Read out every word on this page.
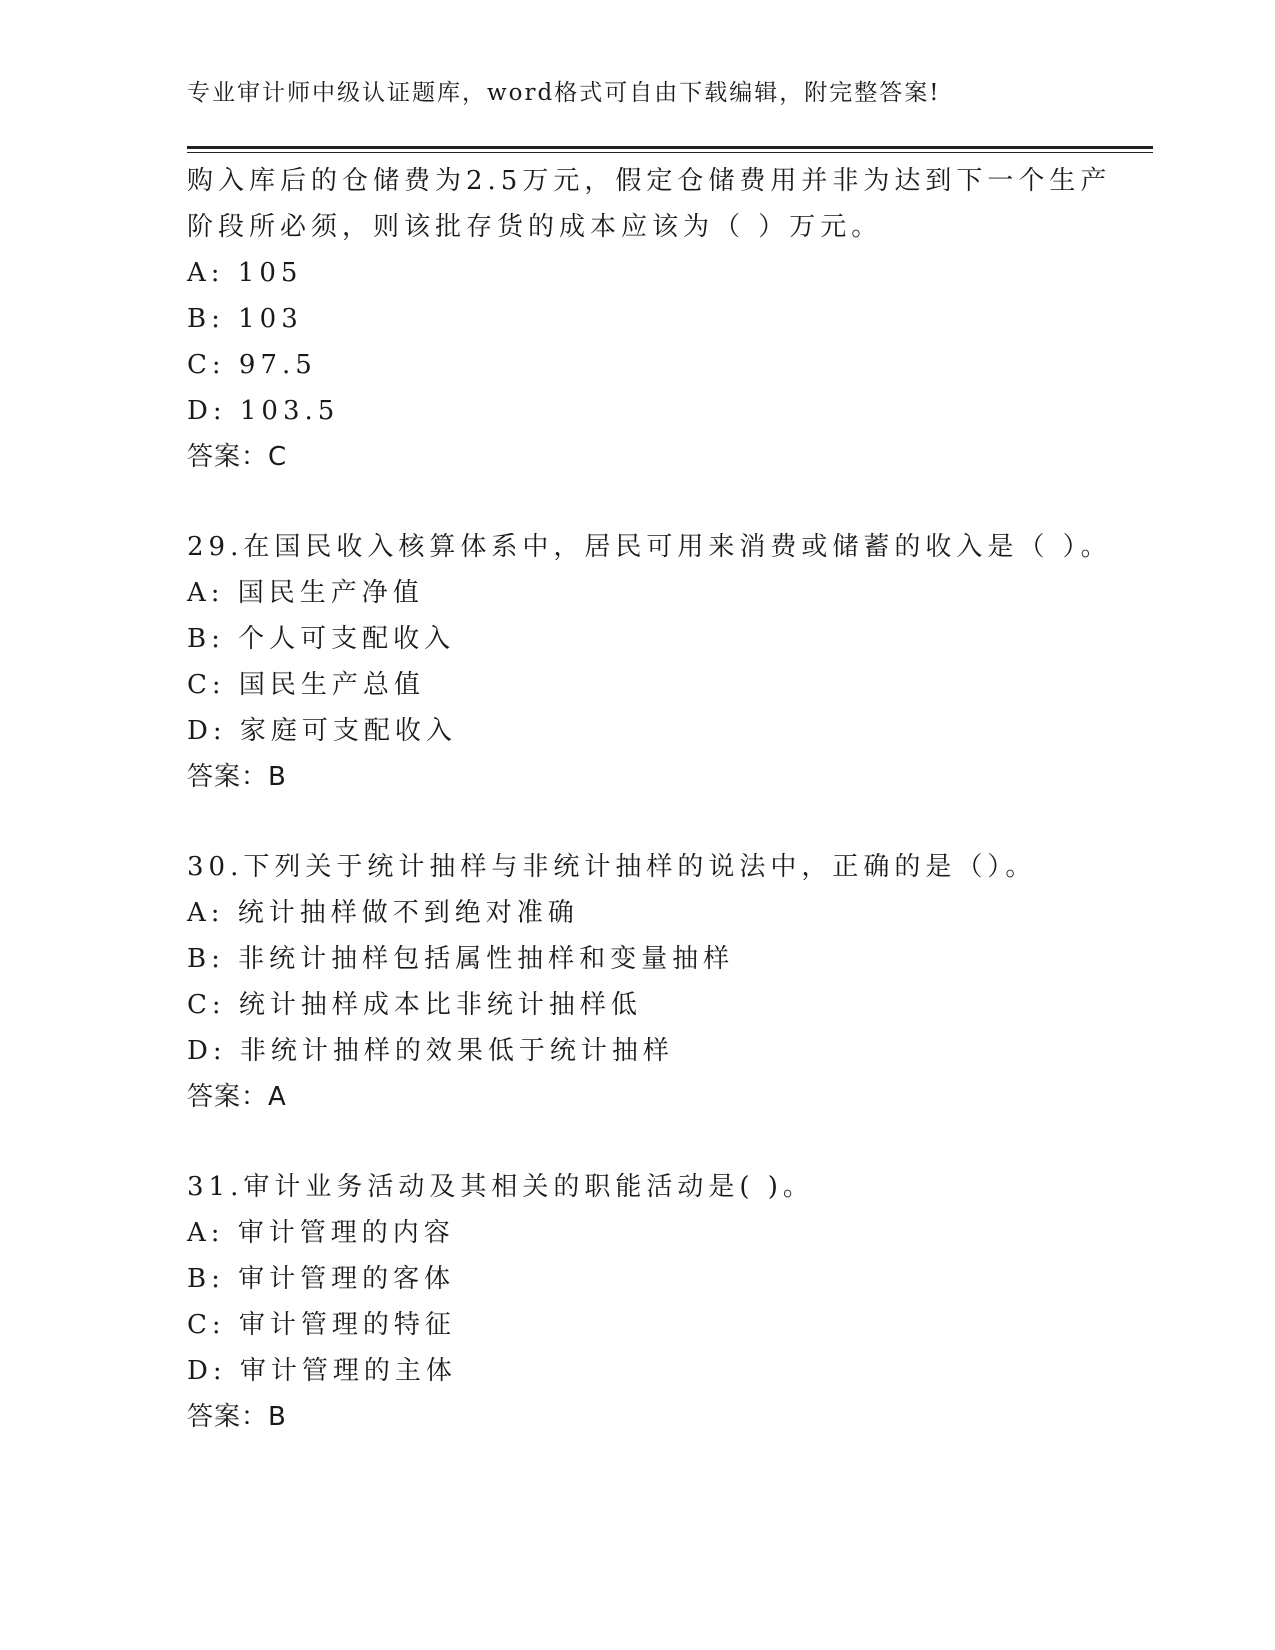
专业审计师中级认证题库，word格式可自由下载编辑，附完整答案!
购入库后的仓储费为2.5万元，假定仓储费用并非为达到下一个生产
阶段所必须，则该批存货的成本应该为（ ）万元。
A: 105
B: 103
C: 97.5
D: 103.5
答案：C
29.在国民收入核算体系中，居民可用来消费或储蓄的收入是（ ）。
A: 国民生产净值
B: 个人可支配收入
C: 国民生产总值
D: 家庭可支配收入
答案：B
30.下列关于统计抽样与非统计抽样的说法中，正确的是（）。
A: 统计抽样做不到绝对准确
B: 非统计抽样包括属性抽样和变量抽样
C: 统计抽样成本比非统计抽样低
D: 非统计抽样的效果低于统计抽样
答案：A
31.审计业务活动及其相关的职能活动是( )。
A: 审计管理的内容
B: 审计管理的客体
C: 审计管理的特征
D: 审计管理的主体
答案：B
